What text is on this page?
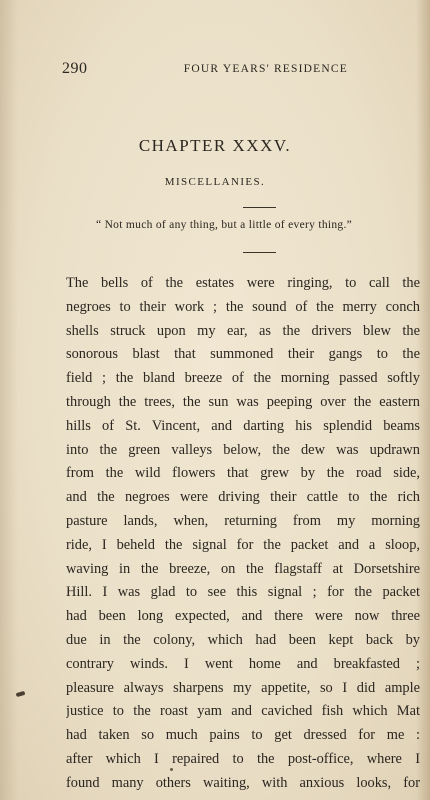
290	FOUR YEARS' RESIDENCE
CHAPTER XXXV.
MISCELLANIES.
“ Not much of any thing, but a little of every thing.”
The bells of the estates were ringing, to call the
negroes to their work ; the sound of the merry conch
shells struck upon my ear, as the drivers blew the
sonorous blast that summoned their gangs to the
field ; the bland breeze of the morning passed softly
through the trees, the sun was peeping over the eastern
hills of St. Vincent, and darting his splendid beams
into the green valleys below, the dew was updrawn
from the wild flowers that grew by the road side,
and the negroes were driving their cattle to the rich
pasture lands, when, returning from my morning
ride, I beheld the signal for the packet and a sloop,
waving in the breeze, on the flagstaff at Dorsetshire
Hill. I was glad to see this signal ; for the packet
had been long expected, and there were now three
due in the colony, which had been kept back by
contrary winds. I went home and breakfasted ;
pleasure always sharpens my appetite, so I did ample
justice to the roast yam and caviched fish which Mat
had taken so much pains to get dressed for me :
after which I repaired to the post-office, where I
found many others waiting, with anxious looks, for
